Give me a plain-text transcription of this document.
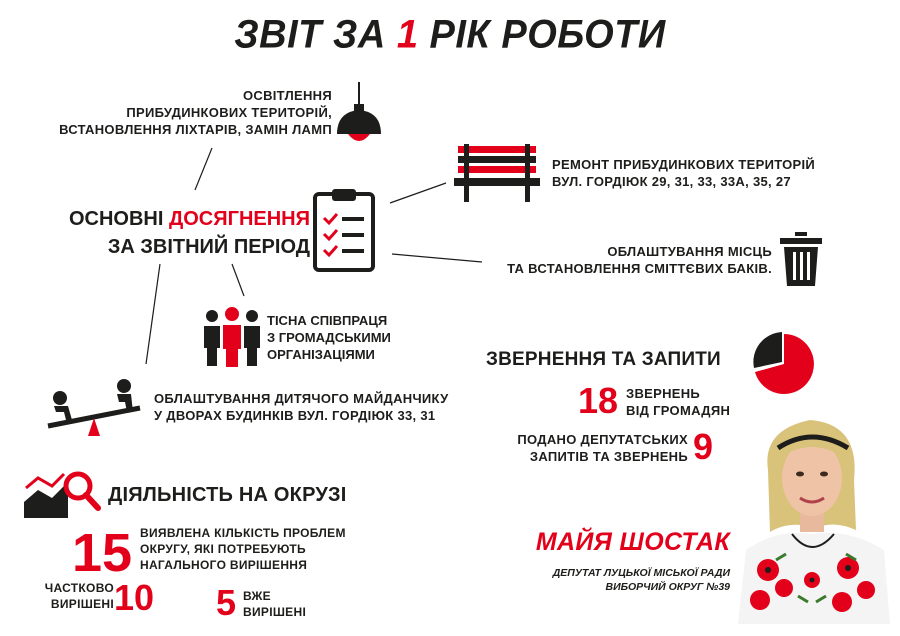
ЗВІТ ЗА 1 РІК РОБОТИ
ОСВІТЛЕННЯ
ПРИБУДИНКОВИХ ТЕРИТОРІЙ,
ВСТАНОВЛЕННЯ ЛІХТАРІВ, ЗАМІН ЛАМП
ОСНОВНІ ДОСЯГНЕННЯ
ЗА ЗВІТНИЙ ПЕРІОД
РЕМОНТ ПРИБУДИНКОВИХ ТЕРИТОРІЙ
ВУЛ. ГОРДІЮК 29, 31, 33, 33А, 35, 27
ОБЛАШТУВАННЯ МІСЦЬ
ТА ВСТАНОВЛЕННЯ СМІТТЄВИХ БАКІВ.
ТІСНА СПІВПРАЦЯ
З ГРОМАДСЬКИМИ
ОРГАНІЗАЦІЯМИ
ОБЛАШТУВАННЯ ДИТЯЧОГО МАЙДАНЧИКУ
У ДВОРАХ БУДИНКІВ ВУЛ. ГОРДІЮК 33, 31
ЗВЕРНЕННЯ ТА ЗАПИТИ
18 ЗВЕРНЕНЬ
ВІД ГРОМАДЯН
ПОДАНО ДЕПУТАТСЬКИХ
ЗАПИТІВ ТА ЗВЕРНЕНЬ 9
ДІЯЛЬНІСТЬ НА ОКРУЗІ
15 ВИЯВЛЕНА КІЛЬКІСТЬ ПРОБЛЕМ
ОКРУГУ, ЯКІ ПОТРЕБУЮТЬ
НАГАЛЬНОГО ВИРІШЕННЯ
ЧАСТКОВО
ВИРІШЕНІ 10 5 ВЖЕ
ВИРІШЕНІ
МАЙЯ ШОСТАК
ДЕПУТАТ ЛУЦЬКОЇ МІСЬКОЇ РАДИ
ВИБОРЧИЙ ОКРУГ №39
